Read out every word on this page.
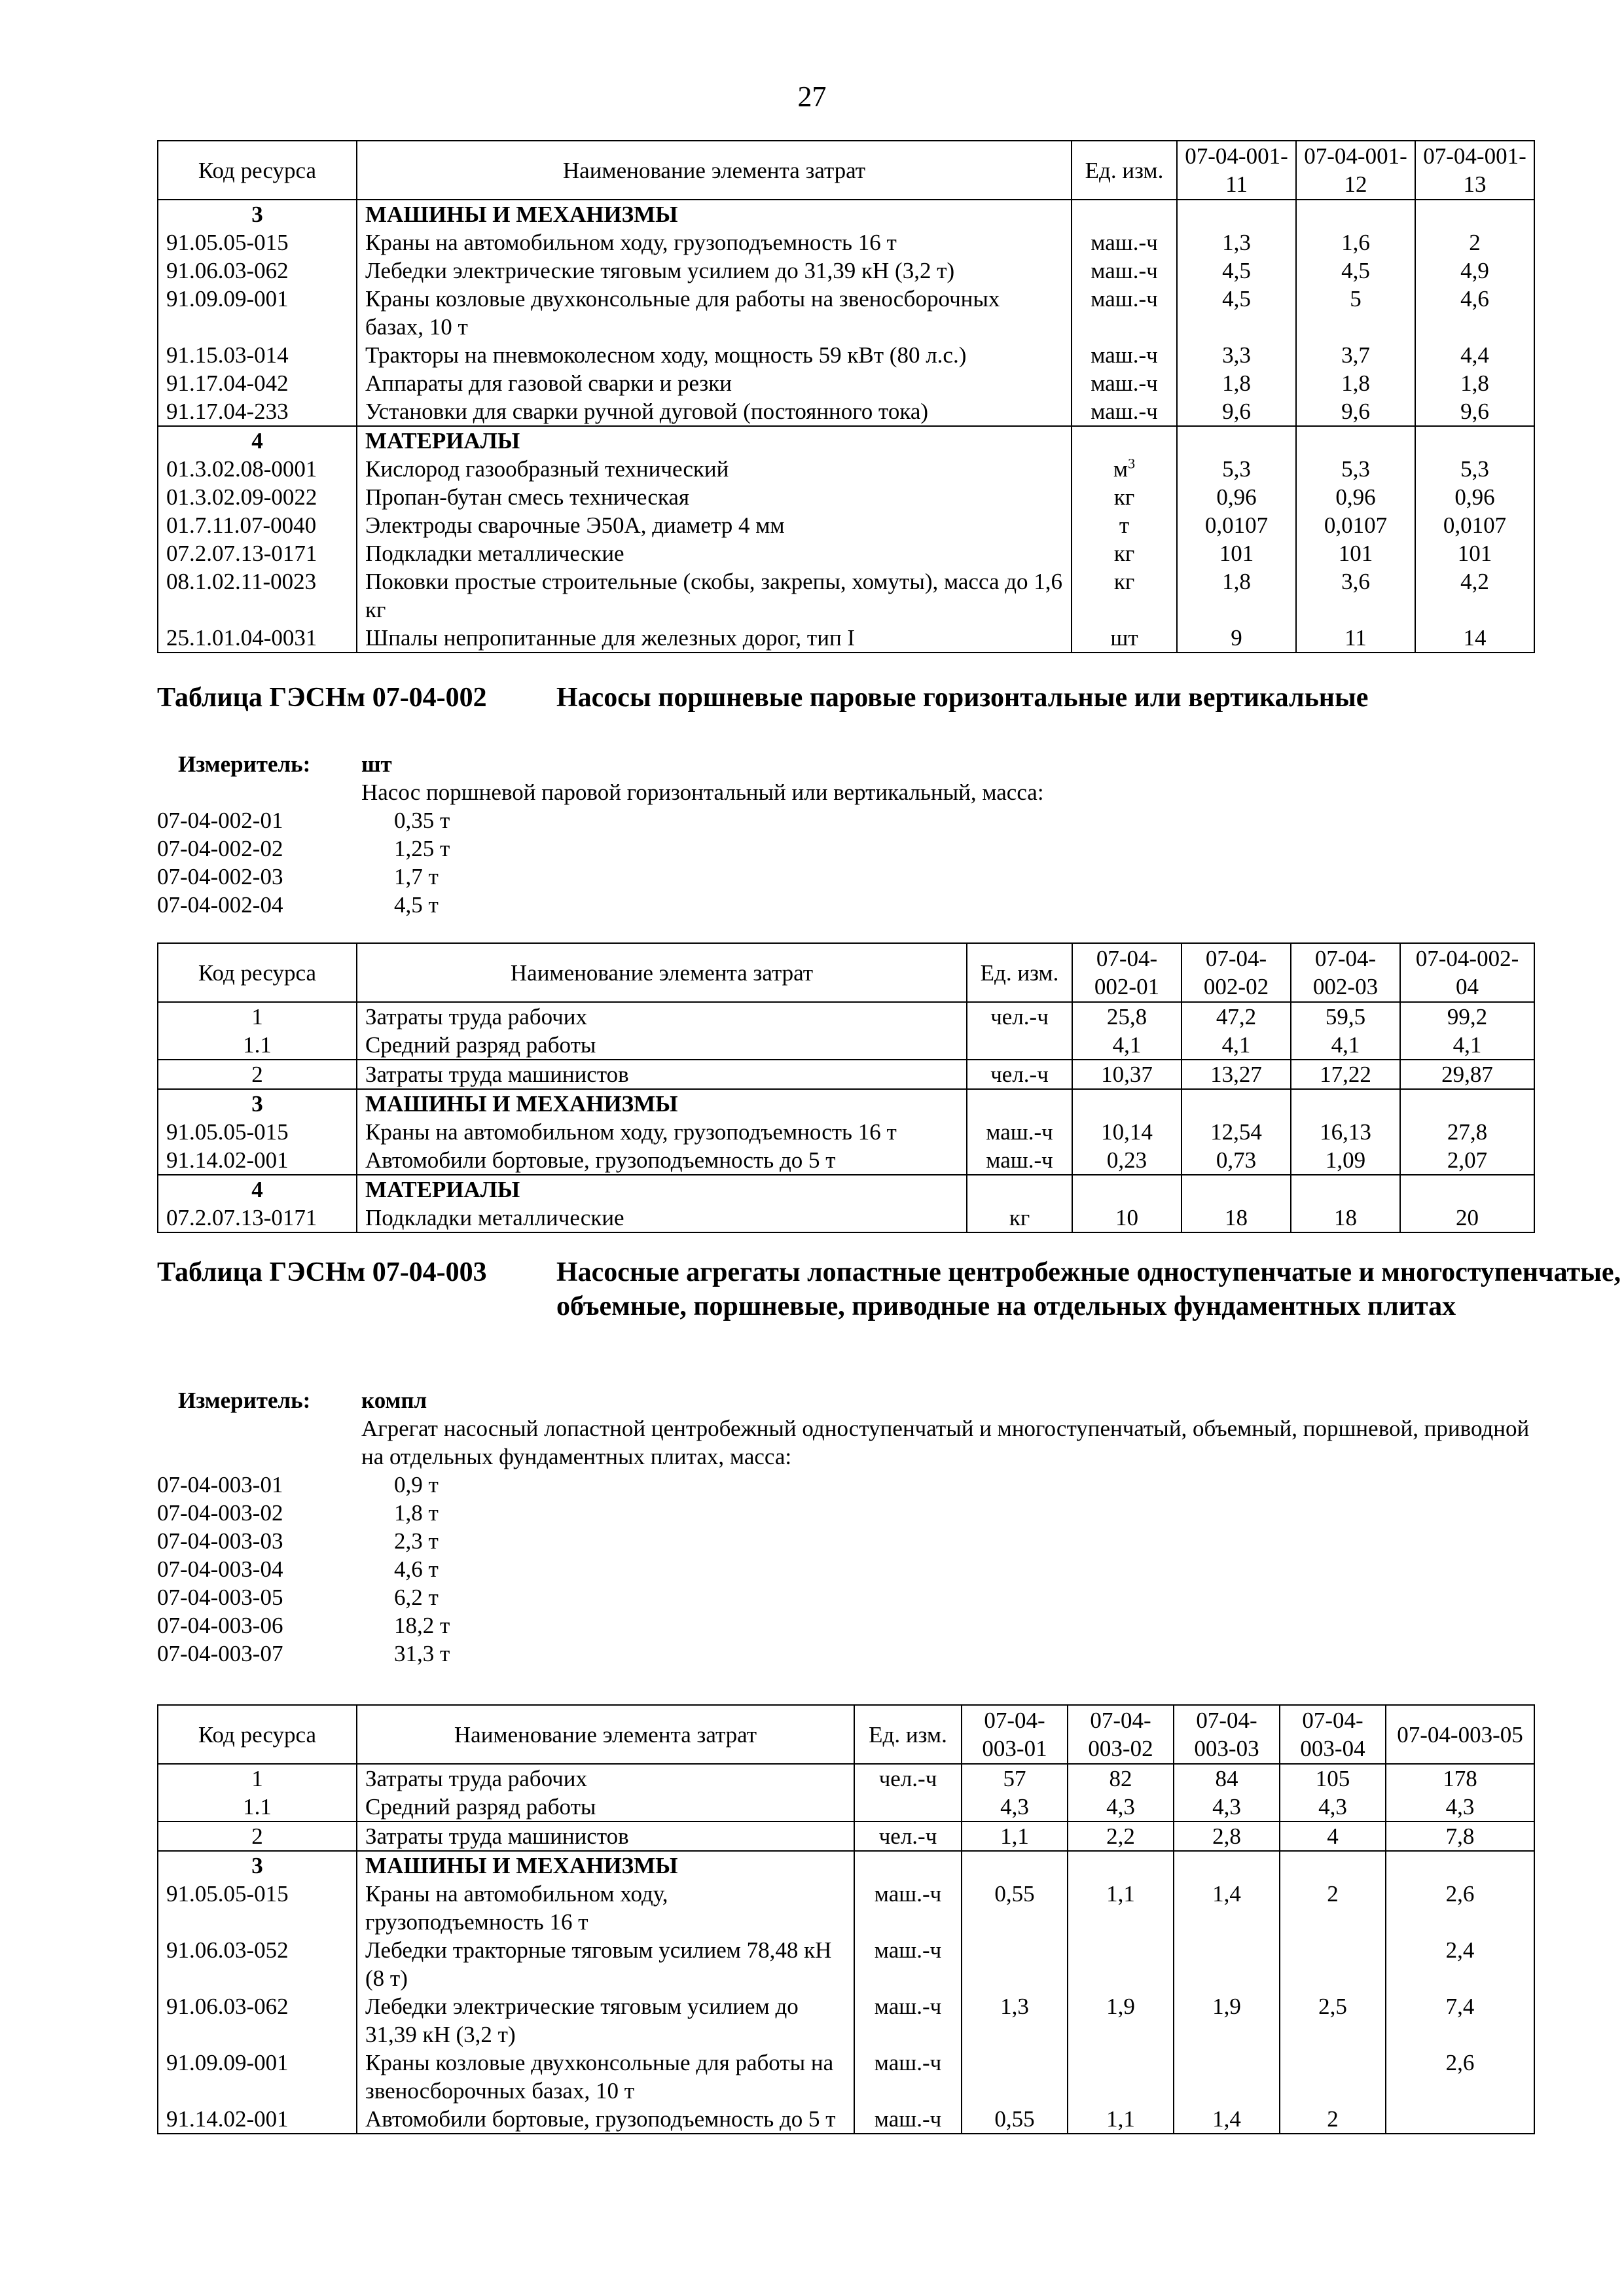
27
Код ресурса	Наименование элемента затрат	Ед. изм.	07-04-001-11	07-04-001-12	07-04-001-13
3	МАШИНЫ И МЕХАНИЗМЫ				
91.05.05-015	Краны на автомобильном ходу, грузоподъемность 16 т	маш.-ч	1,3	1,6	2
91.06.03-062	Лебедки электрические тяговым усилием до 31,39 кН (3,2 т)	маш.-ч	4,5	4,5	4,9
91.09.09-001	Краны козловые двухконсольные для работы на звеносборочных базах, 10 т	маш.-ч	4,5	5	4,6
91.15.03-014	Тракторы на пневмоколесном ходу, мощность 59 кВт (80 л.с.)	маш.-ч	3,3	3,7	4,4
91.17.04-042	Аппараты для газовой сварки и резки	маш.-ч	1,8	1,8	1,8
91.17.04-233	Установки для сварки ручной дуговой (постоянного тока)	маш.-ч	9,6	9,6	9,6
4	МАТЕРИАЛЫ				
01.3.02.08-0001	Кислород газообразный технический	$м^3$	5,3	5,3	5,3
01.3.02.09-0022	Пропан-бутан смесь техническая	кг	0,96	0,96	0,96
01.7.11.07-0040	Электроды сварочные Э50А, диаметр 4 мм	т	0,0107	0,0107	0,0107
07.2.07.13-0171	Подкладки металлические	кг	101	101	101
08.1.02.11-0023	Поковки простые строительные (скобы, закрепы, хомуты), масса до 1,6 кг	кг	1,8	3,6	4,2
25.1.01.04-0031	Шпалы непропитанные для железных дорог, тип I	шт	9	11	14
Таблица ГЭСНм 07-04-002	Насосы поршневые паровые горизонтальные или вертикальные
Измеритель: шт
Насос поршневой паровой горизонтальный или вертикальный, масса:
07-04-002-01	0,35 т
07-04-002-02	1,25 т
07-04-002-03	1,7 т
07-04-002-04	4,5 т
Код ресурса	Наименование элемента затрат	Ед. изм.	07-04-002-01	07-04-002-02	07-04-002-03	07-04-002-04
1	Затраты труда рабочих	чел.-ч	25,8	47,2	59,5	99,2
1.1	Средний разряд работы		4,1	4,1	4,1	4,1
2	Затраты труда машинистов	чел.-ч	10,37	13,27	17,22	29,87
3	МАШИНЫ И МЕХАНИЗМЫ					
91.05.05-015	Краны на автомобильном ходу, грузоподъемность 16 т	маш.-ч	10,14	12,54	16,13	27,8
91.14.02-001	Автомобили бортовые, грузоподъемность до 5 т	маш.-ч	0,23	0,73	1,09	2,07
4	МАТЕРИАЛЫ					
07.2.07.13-0171	Подкладки металлические	кг	10	18	18	20
Таблица ГЭСНм 07-04-003	Насосные агрегаты лопастные центробежные одноступенчатые и многоступенчатые, объемные, поршневые, приводные на отдельных фундаментных плитах
Измеритель: компл
Агрегат насосный лопастной центробежный одноступенчатый и многоступенчатый, объемный, поршневой, приводной на отдельных фундаментных плитах, масса:
07-04-003-01	0,9 т
07-04-003-02	1,8 т
07-04-003-03	2,3 т
07-04-003-04	4,6 т
07-04-003-05	6,2 т
07-04-003-06	18,2 т
07-04-003-07	31,3 т
Код ресурса	Наименование элемента затрат	Ед. изм.	07-04-003-01	07-04-003-02	07-04-003-03	07-04-003-04	07-04-003-05
1	Затраты труда рабочих	чел.-ч	57	82	84	105	178
1.1	Средний разряд работы		4,3	4,3	4,3	4,3	4,3
2	Затраты труда машинистов	чел.-ч	1,1	2,2	2,8	4	7,8
3	МАШИНЫ И МЕХАНИЗМЫ						
91.05.05-015	Краны на автомобильном ходу, грузоподъемность 16 т	маш.-ч	0,55	1,1	1,4	2	2,6
91.06.03-052	Лебедки тракторные тяговым усилием 78,48 кН (8 т)	маш.-ч					2,4
91.06.03-062	Лебедки электрические тяговым усилием до 31,39 кН (3,2 т)	маш.-ч	1,3	1,9	1,9	2,5	7,4
91.09.09-001	Краны козловые двухконсольные для работы на звеносборочных базах, 10 т	маш.-ч					2,6
91.14.02-001	Автомобили бортовые, грузоподъемность до 5 т	маш.-ч	0,55	1,1	1,4	2	
